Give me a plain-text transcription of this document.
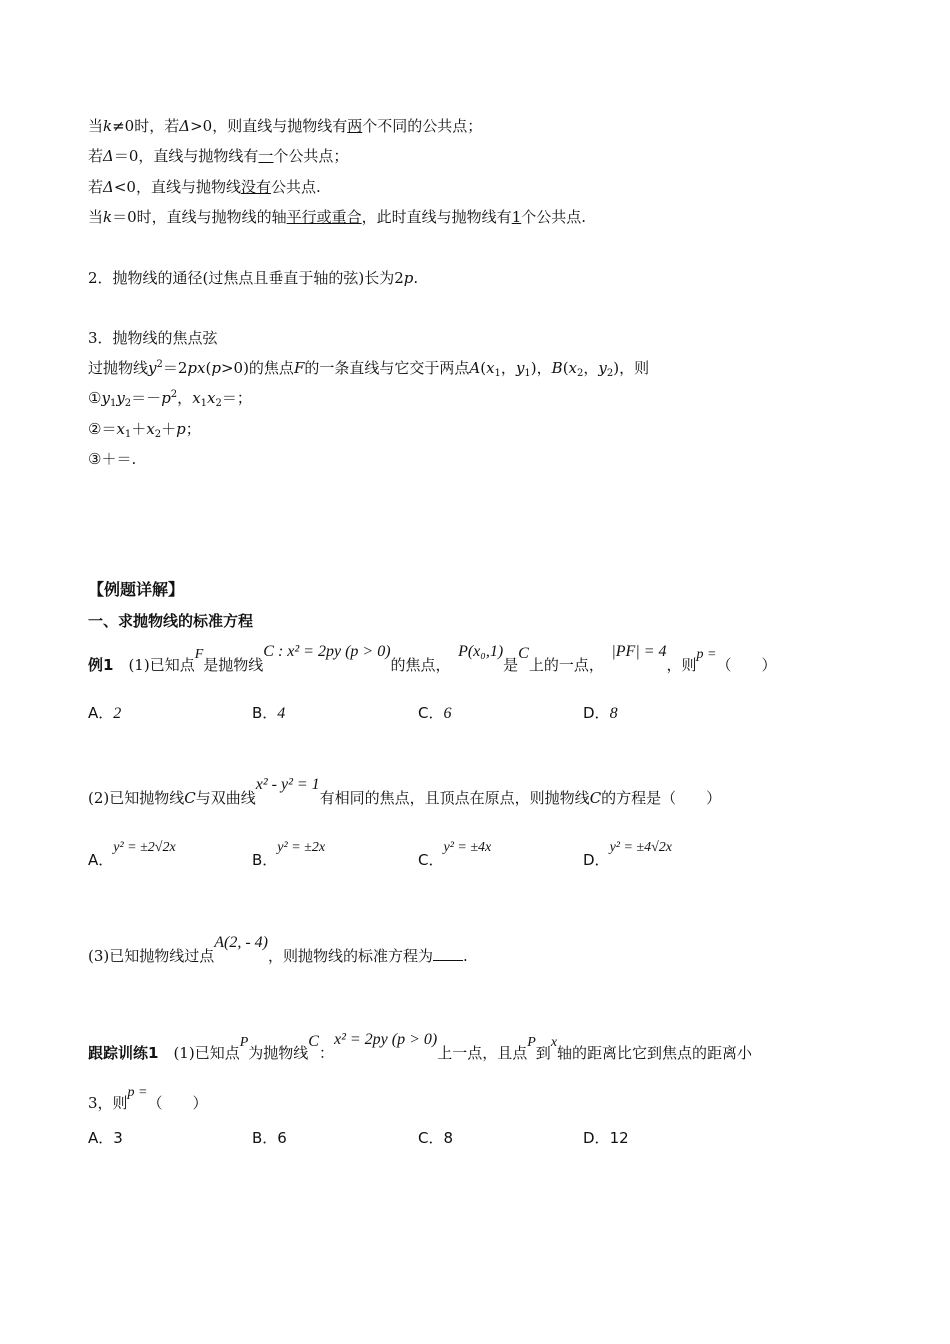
当k≠0时，若Δ>0，则直线与抛物线有两个不同的公共点；
若Δ＝0，直线与抛物线有一个公共点；
若Δ<0，直线与抛物线没有公共点.
当k＝0时，直线与抛物线的轴平行或重合，此时直线与抛物线有1个公共点.
2．抛物线的通径(过焦点且垂直于轴的弦)长为2p.
3．抛物线的焦点弦
过抛物线$y^2=2px(p>0)$的焦点F的一条直线与它交于两点$A(x_1$，$y_1$)，$B(x_2$，$y_2$)，则
$①y_1y_2=-p^2$，$x_1x_2=$；
$②=x_1+x_2+p$；
③＋＝.
【例题详解】
一、求抛物线的标准方程
例1　 (1)已知点F是抛物线C : x² = 2py (p > 0)的焦点，　P(x₀,1)是C上的一点，　|PF| = 4，则p =（　　）
A．2	B．4	C．6	D．8
(2)已知抛物线C与双曲线x² - y² = 1有相同的焦点，且顶点在原点，则抛物线C的方程是（　　）
A．y² = ±2√2x
B．y² = ±2x
C．y² = ±4x
D．y² = ±4√2x
(3)已知抛物线过点A(2, - 4)，则抛物线的标准方程为 .
跟踪训练1　 (1)已知点P为抛物线C：x² = 2py (p > 0)上一点，且点P到x轴的距离比它到焦点的距离小
3，则p =（　　）
A．3	B．6	C．8	D．12
